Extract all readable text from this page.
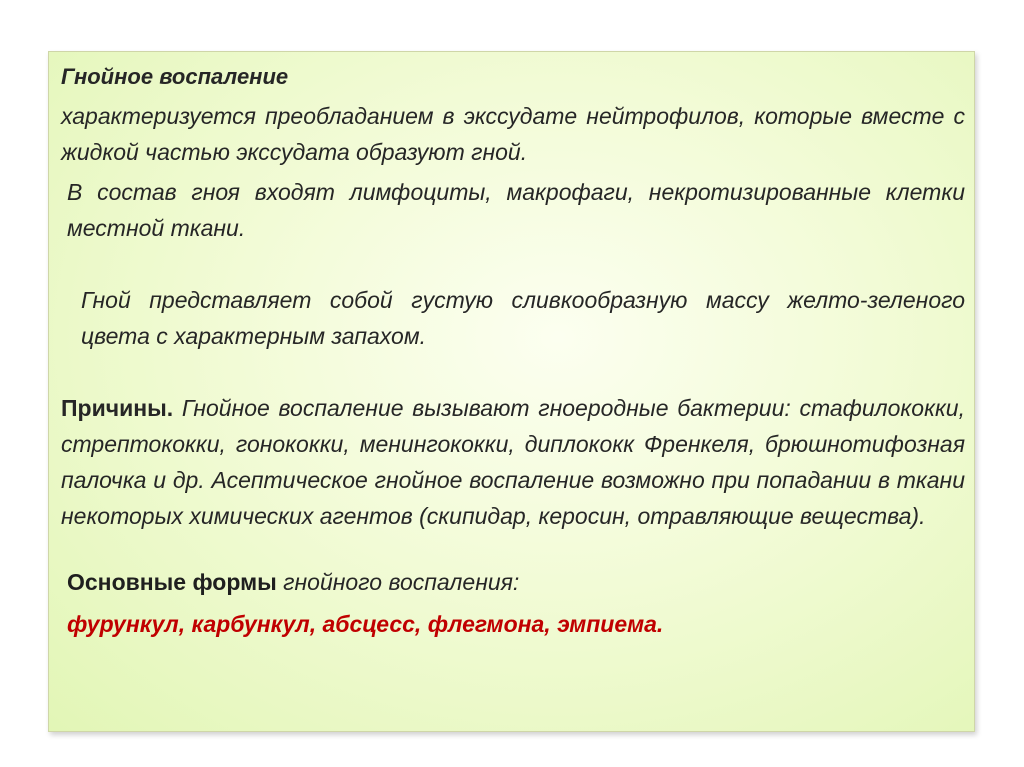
Гнойное воспаление

характеризуется преобладанием в экссудате нейтрофилов, которые вместе с жидкой частью экссудата образуют гной.

В состав гноя входят лимфоциты, макрофаги, некротизированные клетки местной ткани.

Гной представляет собой густую сливкообразную массу желто-зеленого цвета с характерным запахом.

Причины. Гнойное воспаление вызывают гноеродные бактерии: стафилококки, стрептококки, гонококки, менингококки, диплококк Френкеля, брюшнотифозная палочка и др. Асептическое гнойное воспаление возможно при попадании в ткани некоторых химических агентов (скипидар, керосин, отравляющие вещества).

Основные формы гнойного воспаления:

фурункул, карбункул, абсцесс, флегмона, эмпиема.
